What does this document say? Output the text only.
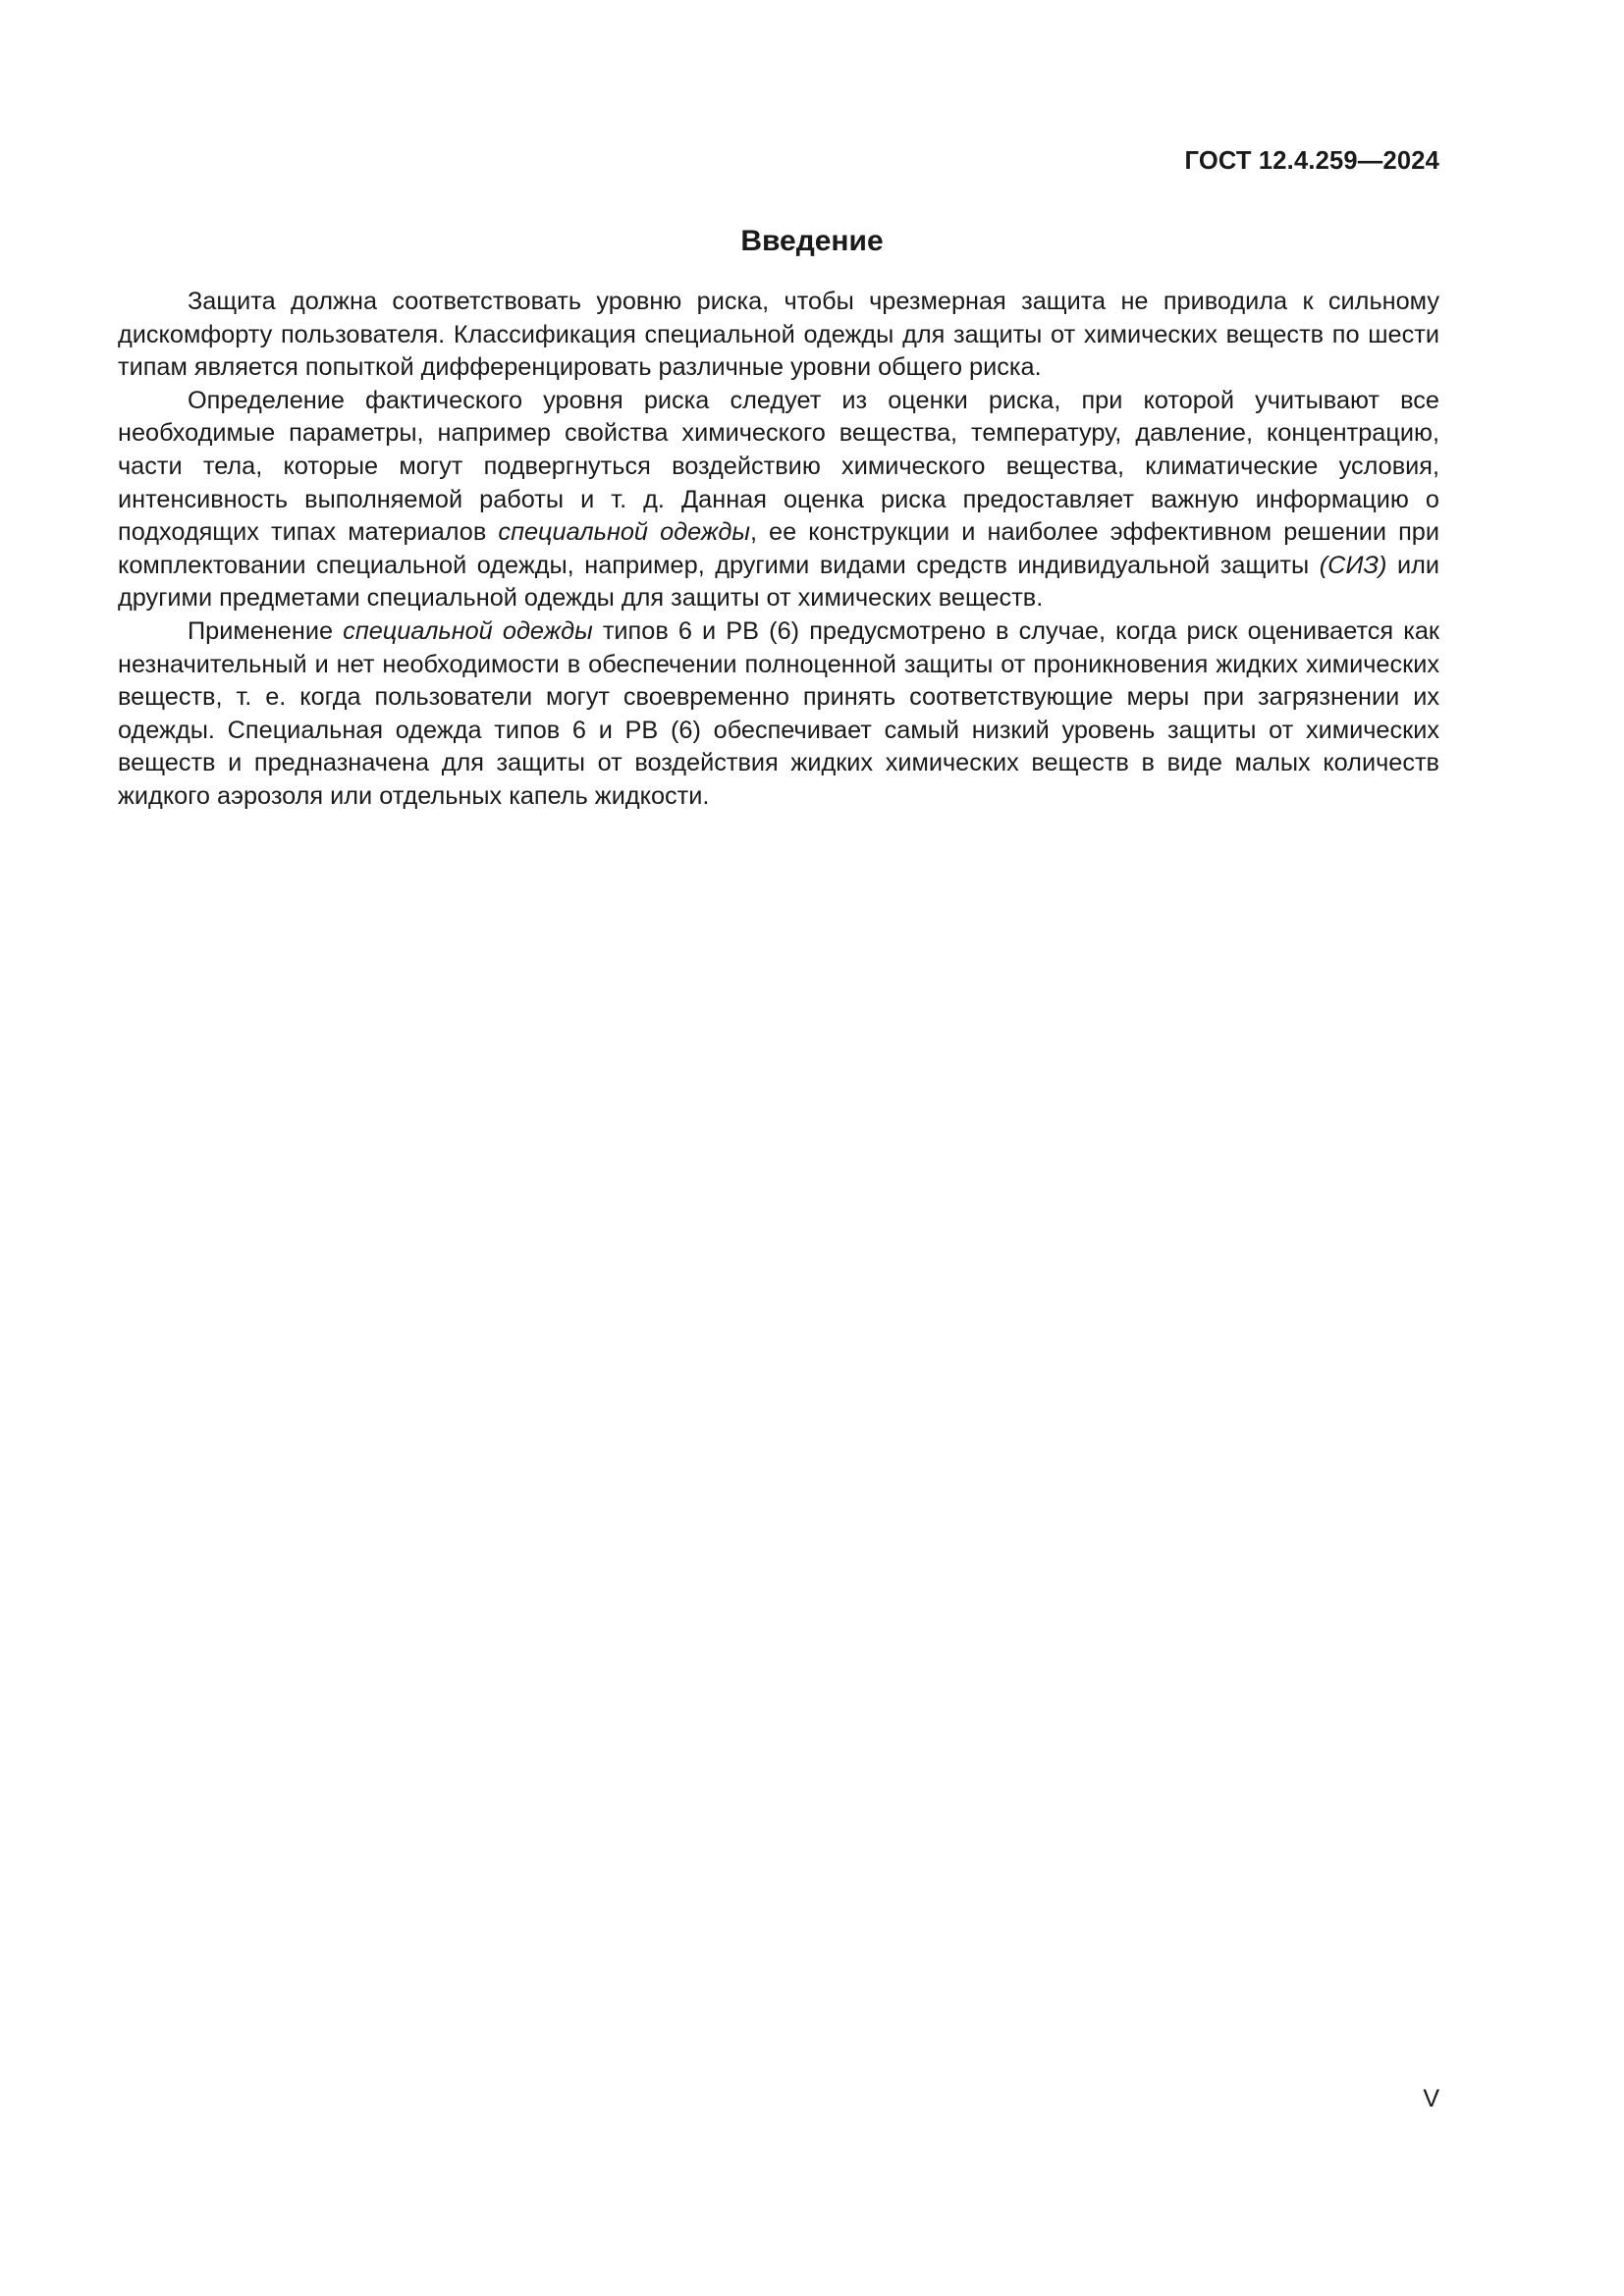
ГОСТ 12.4.259—2024
Введение

Защита должна соответствовать уровню риска, чтобы чрезмерная защита не приводила к сильному дискомфорту пользователя. Классификация специальной одежды для защиты от химических веществ по шести типам является попыткой дифференцировать различные уровни общего риска.

Определение фактического уровня риска следует из оценки риска, при которой учитывают все необходимые параметры, например свойства химического вещества, температуру, давление, концентрацию, части тела, которые могут подвергнуться воздействию химического вещества, климатические условия, интенсивность выполняемой работы и т. д. Данная оценка риска предоставляет важную информацию о подходящих типах материалов специальной одежды, ее конструкции и наиболее эффективном решении при комплектовании специальной одежды, например, другими видами средств индивидуальной защиты (СИЗ) или другими предметами специальной одежды для защиты от химических веществ.

Применение специальной одежды типов 6 и PB (6) предусмотрено в случае, когда риск оценивается как незначительный и нет необходимости в обеспечении полноценной защиты от проникновения жидких химических веществ, т. е. когда пользователи могут своевременно принять соответствующие меры при загрязнении их одежды. Специальная одежда типов 6 и PB (6) обеспечивает самый низкий уровень защиты от химических веществ и предназначена для защиты от воздействия жидких химических веществ в виде малых количеств жидкого аэрозоля или отдельных капель жидкости.

V
